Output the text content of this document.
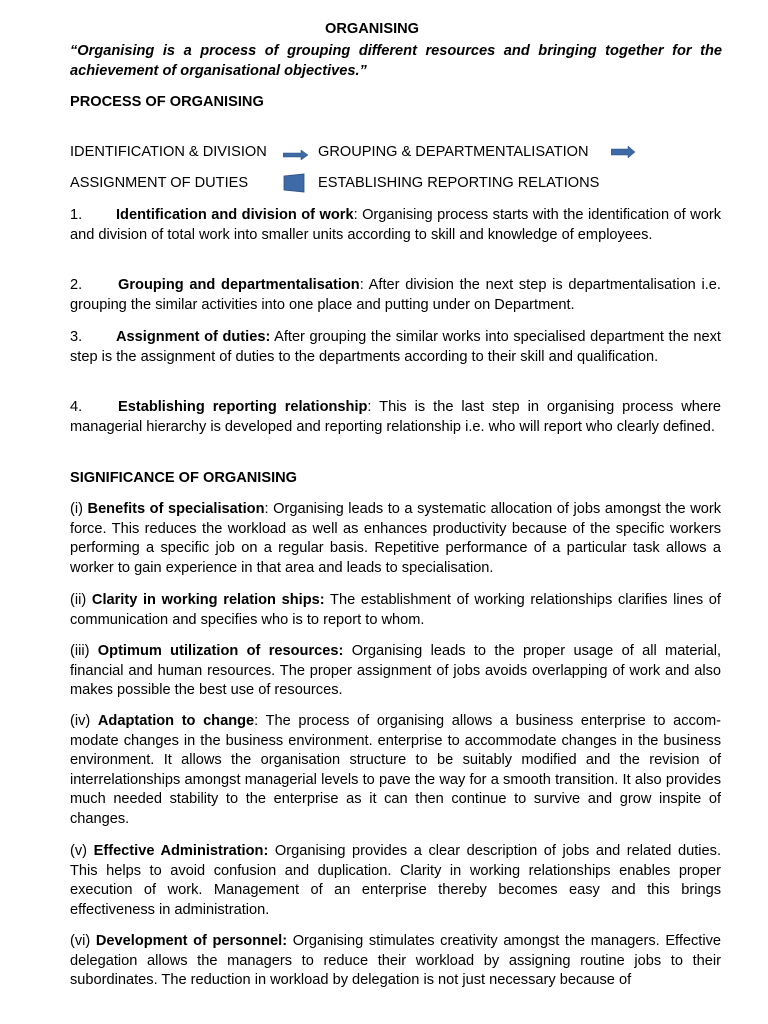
ORGANISING
“Organising is a process of grouping different resources and bringing together for the achievement of organisational objectives.”
PROCESS OF ORGANISING
IDENTIFICATION & DIVISION	GROUPING & DEPARTMENTALISATION
ASSIGNMENT OF DUTIES	ESTABLISHING REPORTING RELATIONS
1. Identification and division of work: Organising process starts with the identification of work and division of total work into smaller units according to skill and knowledge of employees.
2. Grouping and departmentalisation: After division the next step is departmentalisation i.e. grouping the similar activities into one place and putting under on Department.
3. Assignment of duties: After grouping the similar works into specialised department the next step is the assignment of duties to the departments according to their skill and qualification.
4. Establishing reporting relationship: This is the last step in organising process where managerial hierarchy is developed and reporting relationship i.e. who will report who clearly defined.
SIGNIFICANCE OF ORGANISING
(i) Benefits of specialisation: Organising leads to a systematic allocation of jobs amongst the work force. This reduces the workload as well as enhances productivity because of the specific workers performing a specific job on a regular basis. Repetitive performance of a particular task allows a worker to gain experience in that area and leads to specialisation.
(ii) Clarity in working relation ships: The establishment of working relationships clarifies lines of communication and specifies who is to report to whom.
(iii) Optimum utilization of resources: Organising leads to the proper usage of all material, financial and human resources. The proper assignment of jobs avoids overlapping of work and also makes possible the best use of resources.
(iv) Adaptation to change: The process of organising allows a business enterprise to accom-modate changes in the business environment. enterprise to accommodate changes in the business environment. It allows the organisation structure to be suitably modified and the revision of interrelationships amongst managerial levels to pave the way for a smooth transition. It also provides much needed stability to the enterprise as it can then continue to survive and grow inspite of changes.
(v) Effective Administration: Organising provides a clear description of jobs and related duties. This helps to avoid confusion and duplication. Clarity in working relationships enables proper execution of work. Management of an enterprise thereby becomes easy and this brings effectiveness in administration.
(vi) Development of personnel: Organising stimulates creativity amongst the managers. Effective delegation allows the managers to reduce their workload by assigning routine jobs to their subordinates. The reduction in workload by delegation is not just necessary because of
